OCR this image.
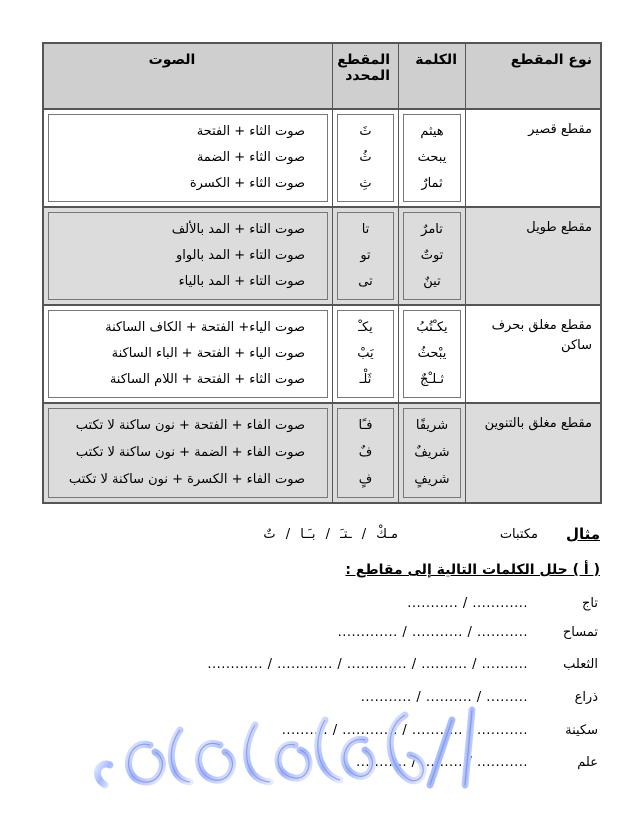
نوع المقطع
الكلمة
المقطع المحدد
الصوت
مقطع قصير
هيثم
يبحث
ثمارٌ
ثَ
ثُ
ثِ
صوت الثاء + الفتحة
صوت الثاء + الضمة
صوت الثاء + الكسرة
مقطع طويل
تامرٌ
توتٌ
تينٌ
تا
تو
تى
صوت التاء + المد بالألف
صوت التاء + المد بالواو
صوت التاء + المد بالياء
مقطع مغلق بحرف ساكن
يكـْتُبُ
يبْحثُ
ثـلـْجٌ
يكـْ
يَبْ
ثَلْـ
صوت الياء+ الفتحة + الكاف الساكنة
صوت الياء + الفتحة + الباء الساكنة
صوت الثاء + الفتحة + اللام الساكنة
مقطع مغلق بالتنوين
شريفًا
شريفٌ
شريفٍ
فـًا
فٌ
فٍ
صوت الفاء + الفتحة + نون ساكنة لا تكتب
صوت الفاء + الضمة + نون ساكنة لا تكتب
صوت الفاء + الكسرة + نون ساكنة لا تكتب
مثال
مكتبات
مـكْ / ـتـَ / بـَـا / تٌ
( أ ) حلل الكلمات التالية إلى مقاطع :
تاج
............ / ...........
تمساح
........... / ........... / .............
الثعلب
.......... / .......... / ............. / ............ / ............
ذراع
......... / .......... / ...........
سكينة
........... / ........... / ............ / ..........
علم
........... / ......... / ...........
